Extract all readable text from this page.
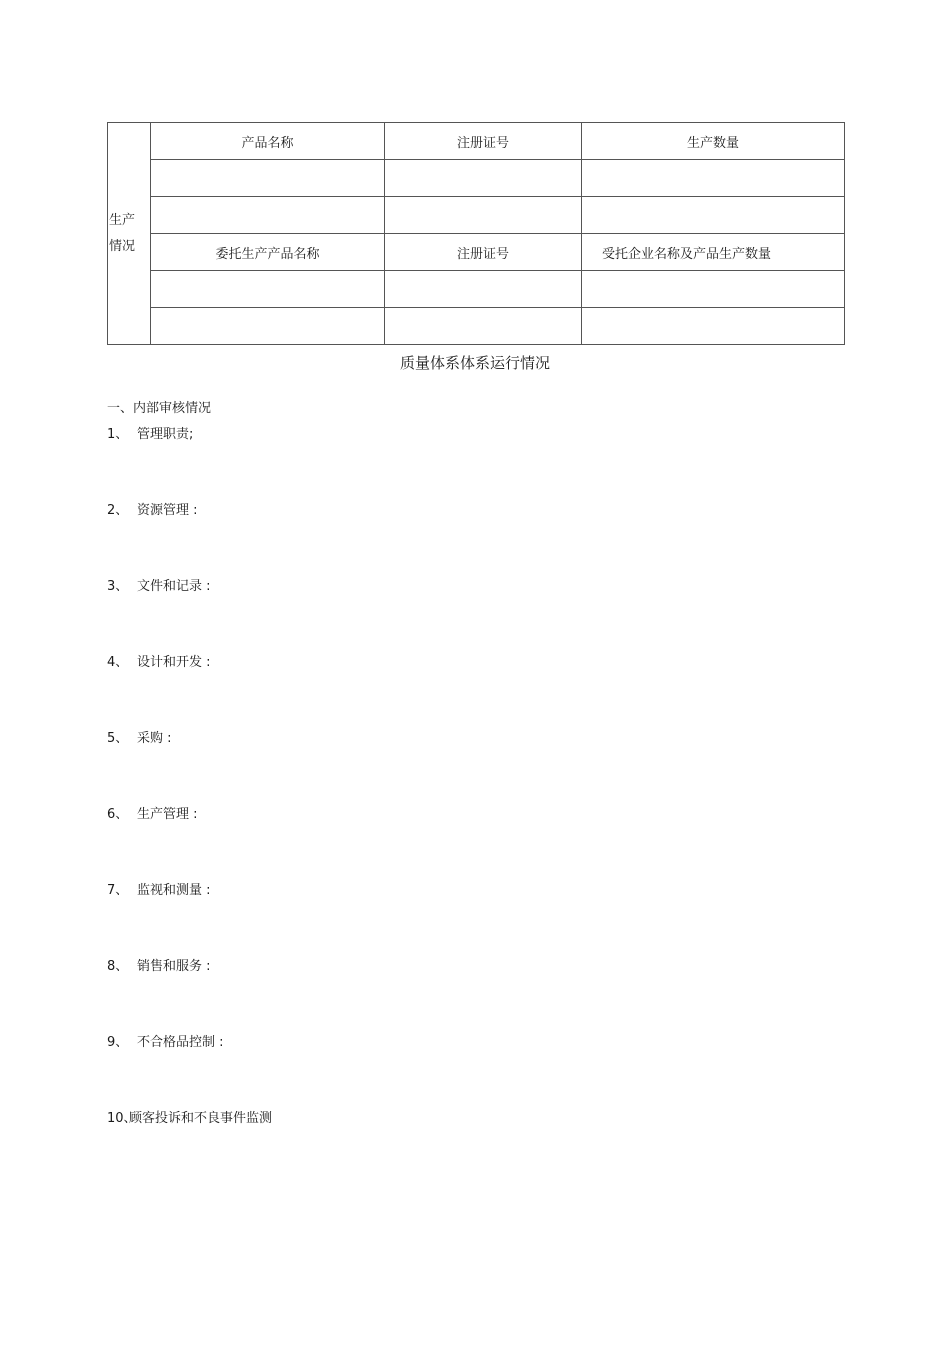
生产
情况	产品名称	注册证号	生产数量

	委托生产产品名称	注册证号	受托企业名称及产品生产数量

质量体系体系运行情况
一、内部审核情况
1、 管理职责;
2、 资源管理 :
3、 文件和记录 :
4、 设计和开发 :
5、 采购 :
6、 生产管理 :
7、 监视和测量 :
8、 销售和服务 :
9、 不合格品控制 :
10、顾客投诉和不良事件监测
